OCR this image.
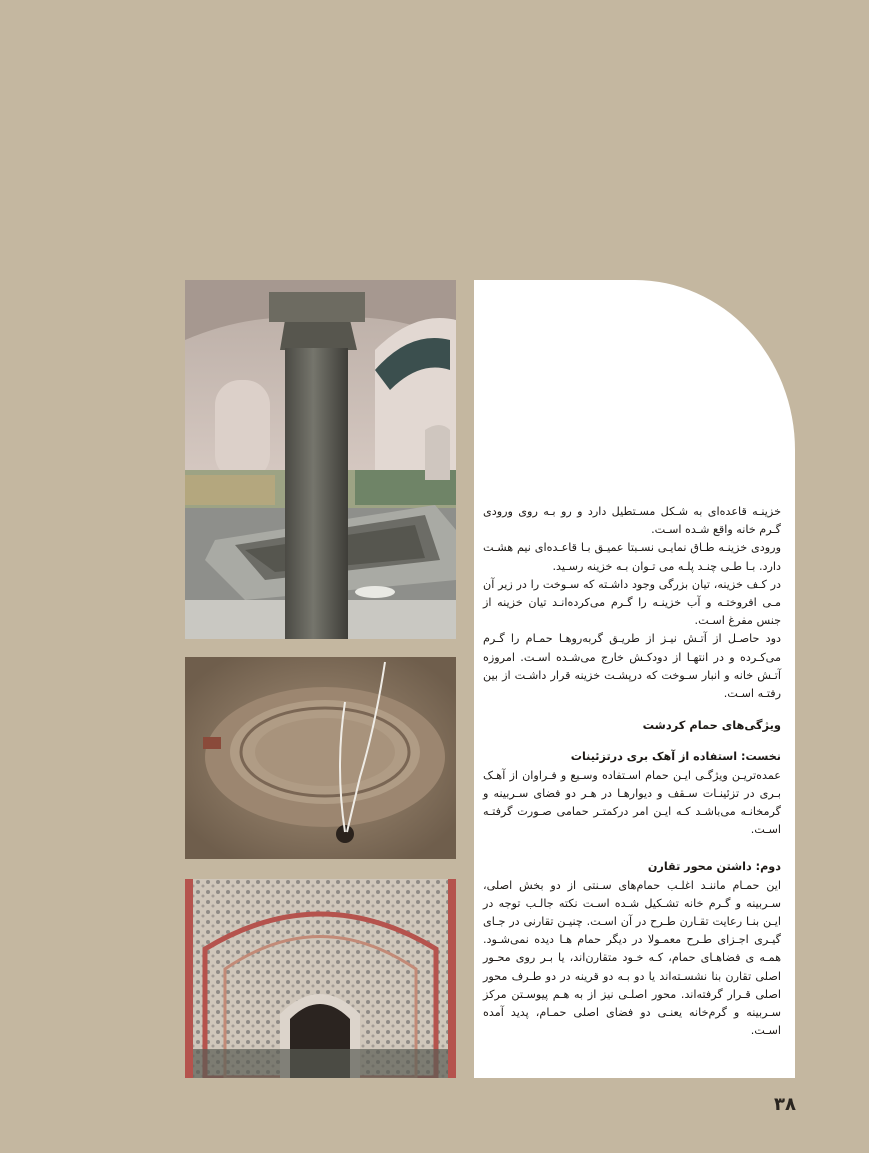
خزینـه قاعده‌ای به شـکل مسـتطیل دارد و رو بـه روی ورودی گـرم خانه واقع شـده اسـت.

ورودی خزینـه طـاق نمایـی نسـبتا عمیـق بـا قاعـده‌ای نیم هشـت دارد. بـا طـی چنـد پلـه می تـوان بـه خزینه رسـید.

در کـف خزینه، تیان بزرگی وجود داشـته که سـوخت را در زیر آن مـی افروختـه و آب خزینـه را گـرم می‌کرده‌انـد تیان خزینه از جنس مفرغ اسـت.

دود حاصـل از آتـش نیـز از طریـق گربه‌روهـا حمـام را گـرم می‌کـرده و در انتهـا از دودکـش خارج می‌شـده اسـت. امروزه آتـش خانه و انبار سـوخت که درپشـت خزینه قرار داشـت از بین رفتـه اسـت.

ویژگی‌های حمام کردشت
نخست: استفاده از آهک بری درتزئینات

عمده‌تریـن ویژگـی ایـن حمام اسـتفاده وسـیع و فـراوان از آهـک بـری در تزئینـات سـقف و دیوارهـا در هـر دو فضای سـربینه و گرمخانـه می‌باشـد کـه ایـن امر درکمتـر حمامی صـورت گرفتـه اسـت.

دوم: داشتن محور تقارن

این حمـام ماننـد اغلـب حمام‌های سـنتی از دو بخش اصلی، سـربینه و گـرم خانه تشـکیل شـده اسـت نکته جالـب توجه در ایـن بنـا رعایت تقـارن طـرح در آن اسـت. چنیـن تقارنی در جـای گیـری اجـزای طـرح معمـولا در دیگر حمام هـا دیده نمی‌شـود. همـه ی فضاهـای حمام، کـه خـود متقارن‌اند، یا بـر روی محـور اصلی تقارن بنا نشسـته‌اند یا دو بـه دو قرینه در دو طـرف محور اصلی قـرار گرفته‌اند. محور اصلـی نیز از به هـم پیوسـتن مرکز سـربینه و گرم‌خانه یعنـی دو فضای اصلی حمـام، پدید آمده اسـت.

۳۸
